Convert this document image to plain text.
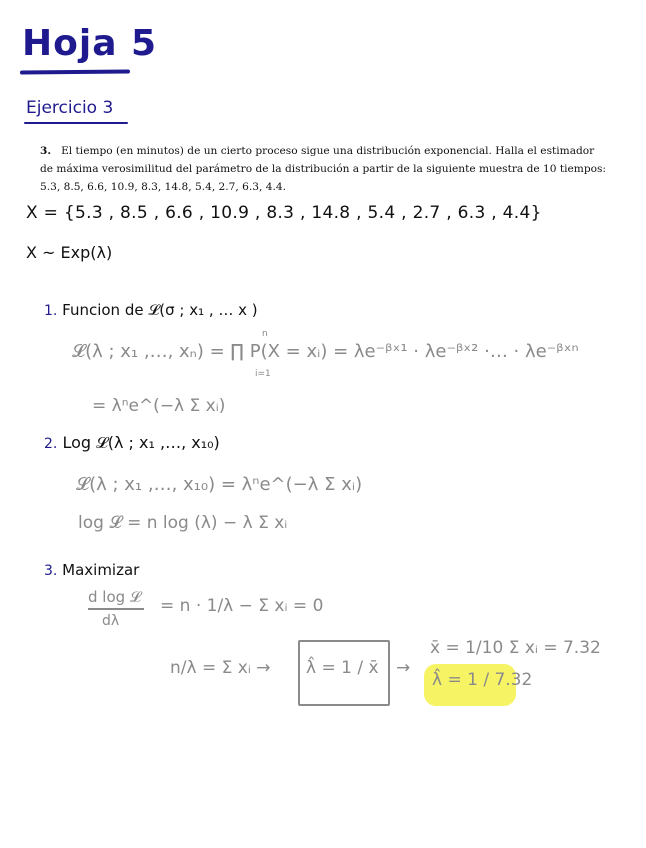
Hoja 5
Ejercicio 3
3. El tiempo (en minutos) de un cierto proceso sigue una distribución exponencial. Halla el estimador de máxima verosimilitud del parámetro de la distribución a partir de la siguiente muestra de 10 tiempos: 5.3, 8.5, 6.6, 10.9, 8.3, 14.8, 5.4, 2.7, 6.3, 4.4.
X = {5.3 , 8.5 , 6.6 , 10.9 , 8.3 , 14.8 , 5.4 , 2.7 , 6.3 , 4.4}
X ~ Exp(λ)
1. Funcion de 𝓛(σ ; x₁ , … x )
𝓛(λ ; x₁ ,…, xₙ) = ∏ P(X = xᵢ) = λe⁻ᵝˣ¹ · λe⁻ᵝˣ² ·… · λe⁻ᵝˣⁿ
n
i=1
= λⁿe^(−λ Σ xᵢ)
2. Log 𝓛(λ ; x₁ ,…, x₁₀)
𝓛(λ ; x₁ ,…, x₁₀) = λⁿe^(−λ Σ xᵢ)
log 𝓛 = n log (λ) − λ Σ xᵢ
3. Maximizar
d log 𝓛
dλ
= n · 1/λ − Σ xᵢ = 0
n/λ = Σ xᵢ → λ̂ = 1 / x̄ →
x̄ = 1/10 Σ xᵢ = 7.32
λ̂ = 1 / 7.32
